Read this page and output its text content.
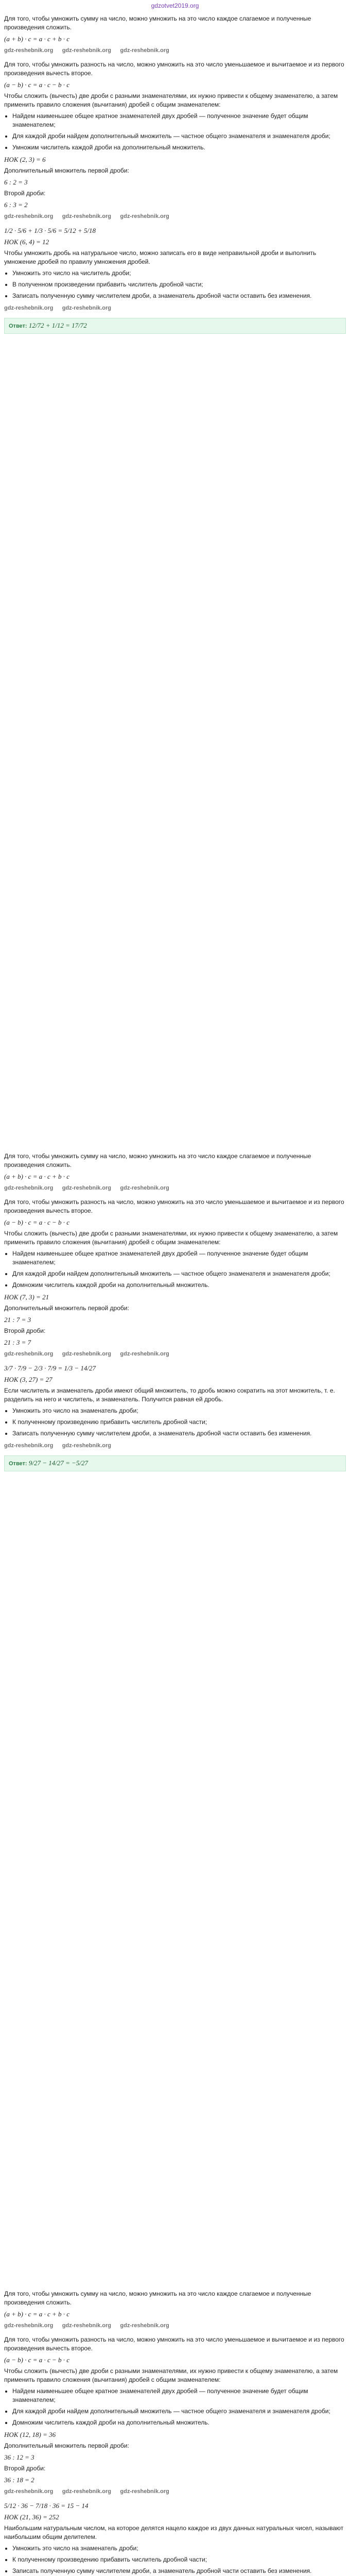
gdzotvet2019.org

Для того, чтобы умножить сумму на число, можно умножить на это число каждое слагаемое и полученные произведения сложить.

(a + b) · c = a · c + b · c
gdz-reshebnik.org gdz-reshebnik.org gdz-reshebnik.org

Для того, чтобы умножить разность на число, можно умножить на это число уменьшаемое и вычитаемое и из первого произведения вычесть второе.

(a − b) · c = a · c − b · c

Чтобы сложить (вычесть) две дроби с разными знаменателями, их нужно привести к общему знаменателю, а затем применить правило сложения (вычитания) дробей с общим знаменателем:

• Найдем наименьшее общее кратное знаменателей двух дробей — полученное значение будет общим знаменателем;
• Для каждой дроби найдем дополнительный множитель — частное общего знаменателя и знаменателя дроби;
• Умножим числитель каждой дроби на дополнительный множитель.
НОК (2, 3) = 6

Дополнительный множитель первой дроби:

6 : 2 = 3

Второй дроби:

6 : 3 = 2
gdz-reshebnik.org gdz-reshebnik.org gdz-reshebnik.org
1/2 · 5/6 + 1/3 · 5/6 = 5/12 + 5/18
НОК (6, 4) = 12

Чтобы умножить дробь на натуральное число, можно записать его в виде неправильной дроби и выполнить умножение дробей по правилу умножения дробей.

• Умножить это число на числитель дроби;
• В полученном произведении прибавить числитель дробной части;
• Записать полученную сумму числителем дроби, а знаменатель дробной части оставить без изменения.
gdz-reshebnik.org gdz-reshebnik.org
Ответ: 12/72 + 1/12 = 17/72

Для того, чтобы умножить сумму на число, можно умножить на это число каждое слагаемое и полученные произведения сложить.

(a + b) · c = a · c + b · c
gdz-reshebnik.org gdz-reshebnik.org gdz-reshebnik.org

Для того, чтобы умножить разность на число, можно умножить на это число уменьшаемое и вычитаемое и из первого произведения вычесть второе.

(a − b) · c = a · c − b · c

Чтобы сложить (вычесть) две дроби с разными знаменателями, их нужно привести к общему знаменателю, а затем применить правило сложения (вычитания) дробей с общим знаменателем:

• Найдем наименьшее общее кратное знаменателей двух дробей — полученное значение будет общим знаменателем;
• Для каждой дроби найдем дополнительный множитель — частное общего знаменателя и знаменателя дроби;
• Домножим числитель каждой дроби на дополнительный множитель.
НОК (7, 3) = 21

Дополнительный множитель первой дроби:

21 : 7 = 3

Второй дроби:

21 : 3 = 7
gdz-reshebnik.org gdz-reshebnik.org gdz-reshebnik.org
3/7 · 7/9 − 2/3 · 7/9 = 1/3 − 14/27
НОК (3, 27) = 27

Если числитель и знаменатель дроби имеют общий множитель, то дробь можно сократить на этот множитель, т. е. разделить на него и числитель, и знаменатель. Получится равная ей дробь.

• Умножить это число на знаменатель дроби;
• К полученному произведению прибавить числитель дробной части;
• Записать полученную сумму числителем дроби, а знаменатель дробной части оставить без изменения.
gdz-reshebnik.org gdz-reshebnik.org
Ответ: 9/27 − 14/27 = −5/27

Для того, чтобы умножить сумму на число, можно умножить на это число каждое слагаемое и полученные произведения сложить.

(a + b) · c = a · c + b · c
gdz-reshebnik.org gdz-reshebnik.org gdz-reshebnik.org

Для того, чтобы умножить разность на число, можно умножить на это число уменьшаемое и вычитаемое и из первого произведения вычесть второе.

(a − b) · c = a · c − b · c

Чтобы сложить (вычесть) две дроби с разными знаменателями, их нужно привести к общему знаменателю, а затем применить правило сложения (вычитания) дробей с общим знаменателем:

• Найдем наименьшее общее кратное знаменателей двух дробей — полученное значение будет общим знаменателем;
• Для каждой дроби найдем дополнительный множитель — частное общего знаменателя и знаменателя дроби;
• Домножим числитель каждой дроби на дополнительный множитель.
НОК (12, 18) = 36

Дополнительный множитель первой дроби:

36 : 12 = 3

Второй дроби:

36 : 18 = 2
gdz-reshebnik.org gdz-reshebnik.org gdz-reshebnik.org
5/12 · 36 − 7/18 · 36 = 15 − 14
НОК (21, 36) = 252

Наибольшим натуральным числом, на которое делятся нацело каждое из двух данных натуральных чисел, называют наибольшим общим делителем.

• Умножить это число на знаменатель дроби;
• К полученному произведению прибавить числитель дробной части;
• Записать полученную сумму числителем дроби, а знаменатель дробной части оставить без изменения.
